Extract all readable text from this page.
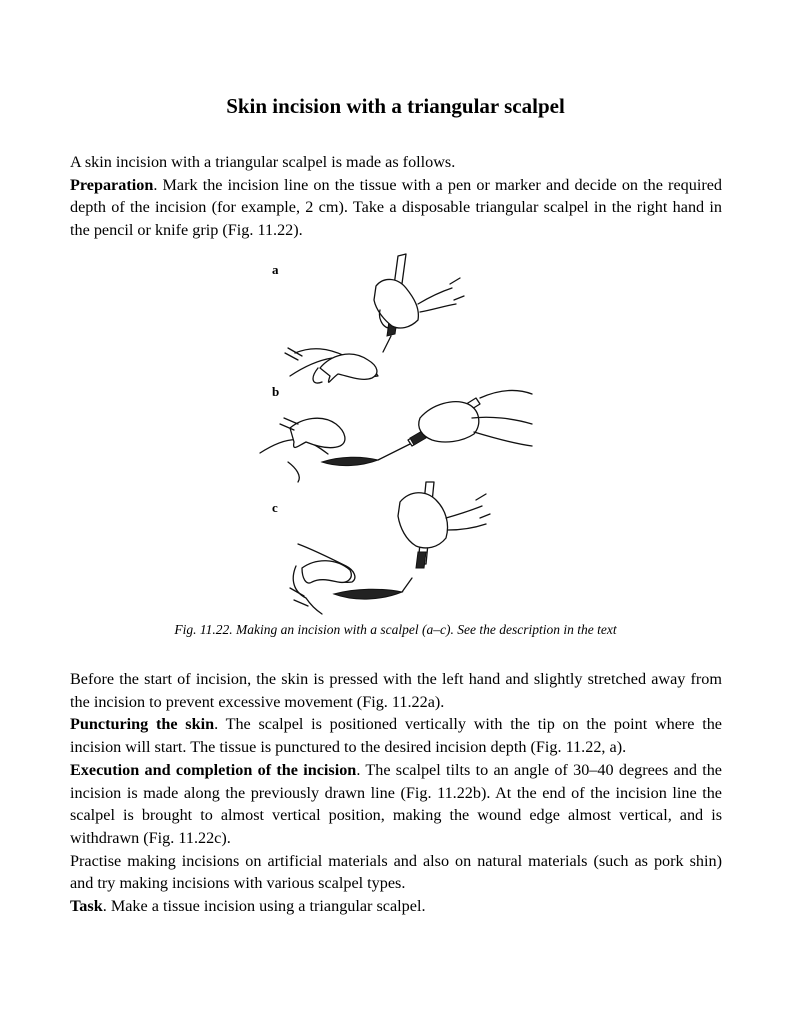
Skin incision with a triangular scalpel
A skin incision with a triangular scalpel is made as follows.
Preparation. Mark the incision line on the tissue with a pen or marker and decide on the required depth of the incision (for example, 2 cm). Take a disposable triangular scalpel in the right hand in the pencil or knife grip (Fig. 11.22).
a
b
c
Fig. 11.22. Making an incision with a scalpel (a–c). See the description in the text
Before the start of incision, the skin is pressed with the left hand and slightly stretched away from the incision to prevent excessive movement (Fig. 11.22a).
Puncturing the skin. The scalpel is positioned vertically with the tip on the point where the incision will start. The tissue is punctured to the desired incision depth (Fig. 11.22, a).
Execution and completion of the incision. The scalpel tilts to an angle of 30–40 degrees and the incision is made along the previously drawn line (Fig. 11.22b). At the end of the incision line the scalpel is brought to almost vertical position, making the wound edge almost vertical, and is withdrawn (Fig. 11.22c).
Practise making incisions on artificial materials and also on natural materials (such as pork shin) and try making incisions with various scalpel types.
Task. Make a tissue incision using a triangular scalpel.
